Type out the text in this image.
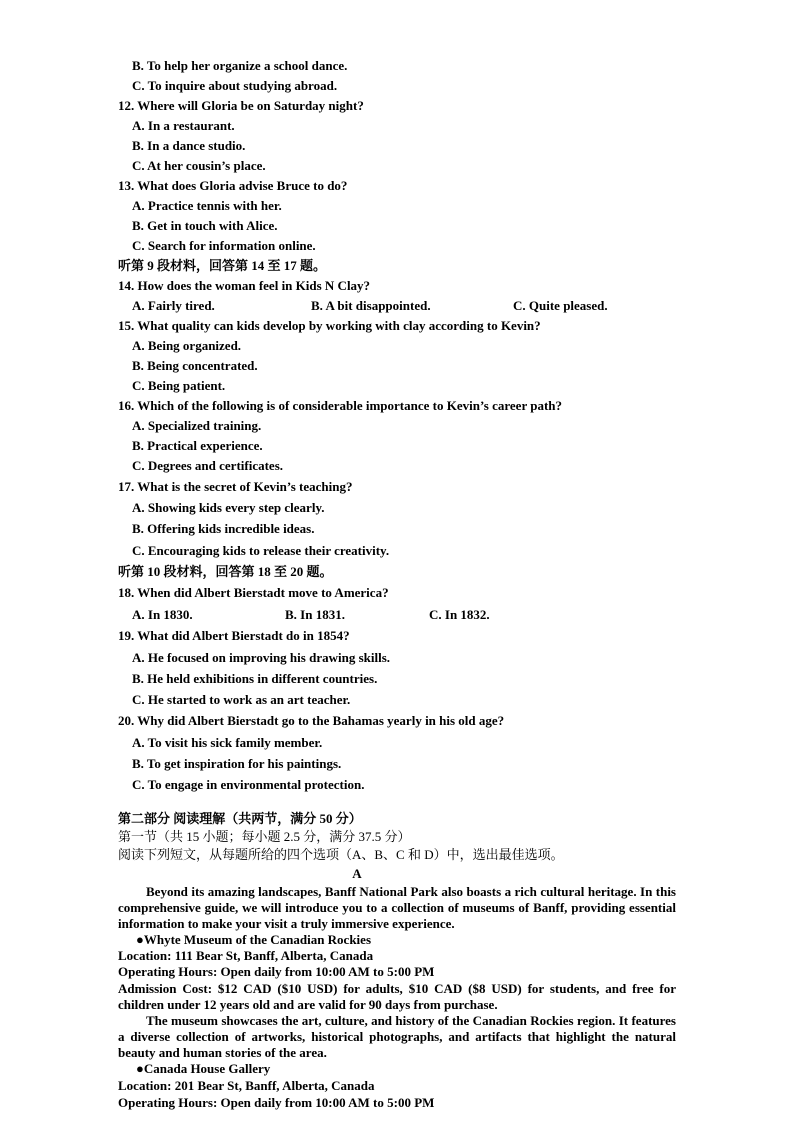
B. To help her organize a school dance.
C. To inquire about studying abroad.
12. Where will Gloria be on Saturday night?
A. In a restaurant.
B. In a dance studio.
C. At her cousin’s place.
13. What does Gloria advise Bruce to do?
A. Practice tennis with her.
B. Get in touch with Alice.
C. Search for information online.
听第 9 段材料，回答第 14 至 17 题。
14. How does the woman feel in Kids N Clay?
A. Fairly tired.	B. A bit disappointed.	C. Quite pleased.
15. What quality can kids develop by working with clay according to Kevin?
A. Being organized.
B. Being concentrated.
C. Being patient.
16. Which of the following is of considerable importance to Kevin’s career path?
A. Specialized training.
B. Practical experience.
C. Degrees and certificates.
17. What is the secret of Kevin’s teaching?
A. Showing kids every step clearly.
B. Offering kids incredible ideas.
C. Encouraging kids to release their creativity.
听第 10 段材料，回答第 18 至 20 题。
18. When did Albert Bierstadt move to America?
A. In 1830.	B. In 1831.	C. In 1832.
19. What did Albert Bierstadt do in 1854?
A. He focused on improving his drawing skills.
B. He held exhibitions in different countries.
C. He started to work as an art teacher.
20. Why did Albert Bierstadt go to the Bahamas yearly in his old age?
A. To visit his sick family member.
B. To get inspiration for his paintings.
C. To engage in environmental protection.
第二部分 阅读理解（共两节，满分 50 分）
第一节（共 15 小题；每小题 2.5 分，满分 37.5 分）
阅读下列短文，从每题所给的四个选项（A、B、C 和 D）中，选出最佳选项。
A
Beyond its amazing landscapes, Banff National Park also boasts a rich cultural heritage. In this comprehensive guide, we will introduce you to a collection of museums of Banff, providing essential information to make your visit a truly immersive experience.
●Whyte Museum of the Canadian Rockies
Location: 111 Bear St, Banff, Alberta, Canada
Operating Hours: Open daily from 10:00 AM to 5:00 PM
Admission Cost: $12 CAD ($10 USD) for adults, $10 CAD ($8 USD) for students, and free for children under 12 years old and are valid for 90 days from purchase.
The museum showcases the art, culture, and history of the Canadian Rockies region. It features a diverse collection of artworks, historical photographs, and artifacts that highlight the natural beauty and human stories of the area.
●Canada House Gallery
Location: 201 Bear St, Banff, Alberta, Canada
Operating Hours: Open daily from 10:00 AM to 5:00 PM
